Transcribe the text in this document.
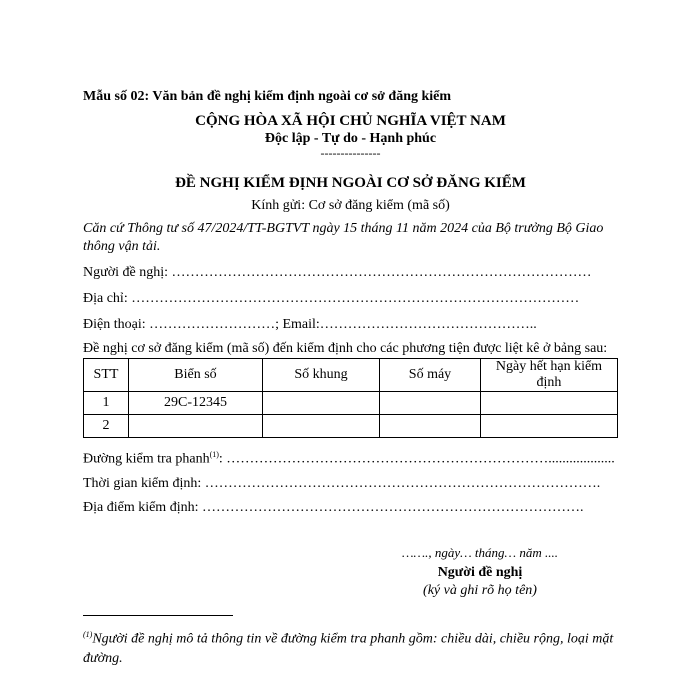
Mẫu số 02: Văn bản đề nghị kiểm định ngoài cơ sở đăng kiểm
CỘNG HÒA XÃ HỘI CHỦ NGHĨA VIỆT NAM
Độc lập - Tự do - Hạnh phúc
---------------
ĐỀ NGHỊ KIỂM ĐỊNH NGOÀI CƠ SỞ ĐĂNG KIỂM
Kính gửi: Cơ sở đăng kiểm (mã số)
Căn cứ Thông tư số 47/2024/TT-BGTVT ngày 15 tháng 11 năm 2024 của Bộ trưởng Bộ Giao thông vận tải.
Người đề nghị: ………………………………………………………………………………
Địa chỉ: ……………………………………………………………………………………
Điện thoại: ………………………; Email:………………………………………..
Đề nghị cơ sở đăng kiểm (mã số) đến kiểm định cho các phương tiện được liệt kê ở bảng sau:
STT	Biển số	Số khung	Số máy	Ngày hết hạn kiểm định
1	29C-12345			
2				
Đường kiểm tra phanh$^{(1)}$: ……………………………………………………………...................
Thời gian kiểm định: ………………………………………………………………………….
Địa điểm kiểm định: ……………………………………………………………………….
……., ngày… tháng… năm ....
Người đề nghị
(ký và ghi rõ họ tên)
$^{(1)}$Người đề nghị mô tả thông tin về đường kiểm tra phanh gồm: chiều dài, chiều rộng, loại mặt đường.
